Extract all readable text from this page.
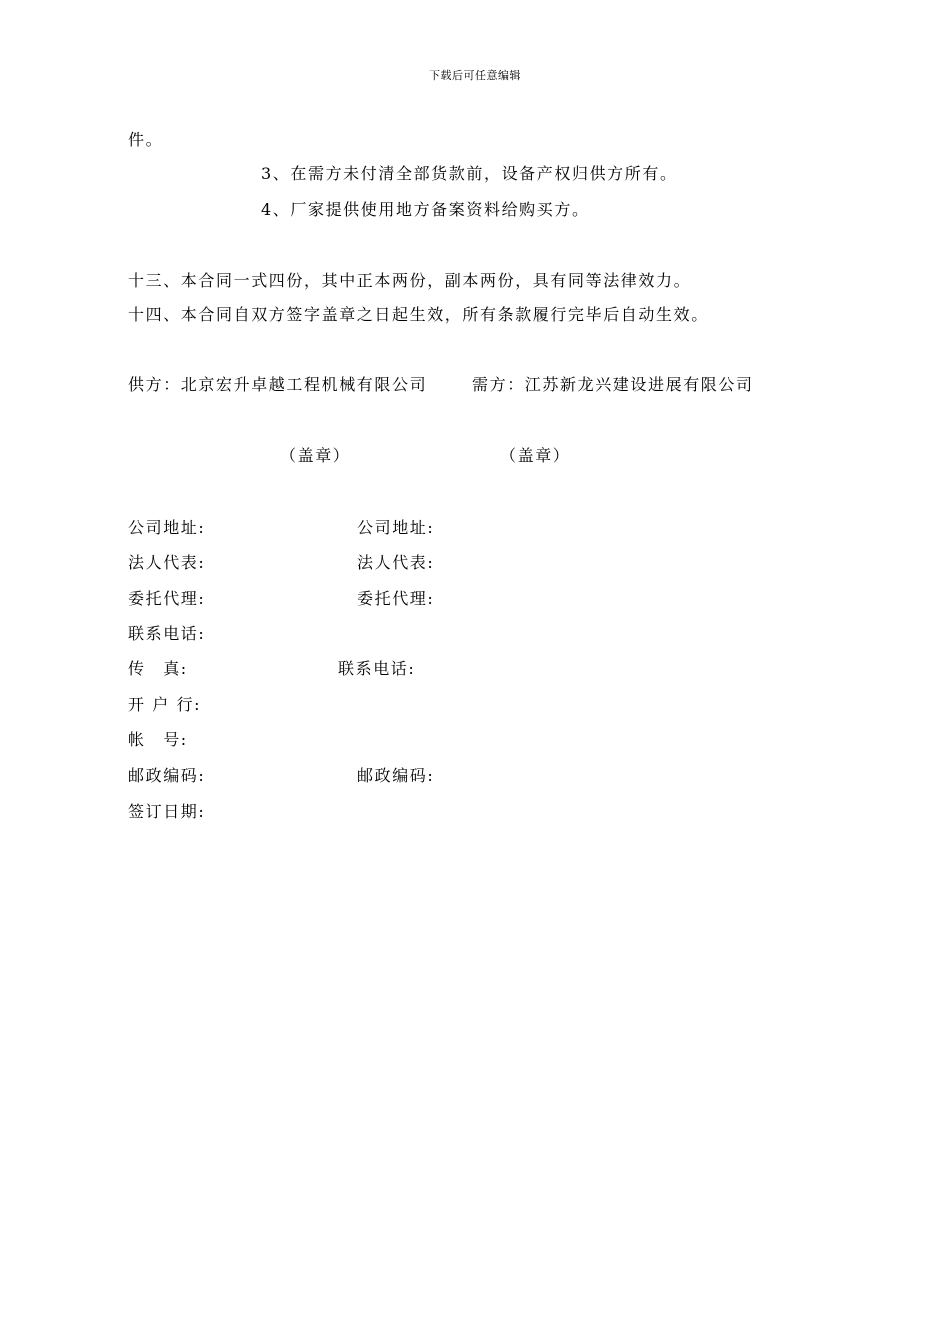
下载后可任意编辑
件。
3、在需方未付清全部货款前，设备产权归供方所有。
4、厂家提供使用地方备案资料给购买方。
十三、本合同一式四份，其中正本两份，副本两份，具有同等法律效力。
十四、本合同自双方签字盖章之日起生效，所有条款履行完毕后自动生效。
供方：北京宏升卓越工程机械有限公司	需方：江苏新龙兴建设进展有限公司
（盖章）	（盖章）
公司地址:	公司地址:
法人代表:	法人代表:
委托代理:	委托代理:
联系电话:
传　真:	联系电话:
开 户 行:
帐　号:
邮政编码:	邮政编码:
签订日期:
